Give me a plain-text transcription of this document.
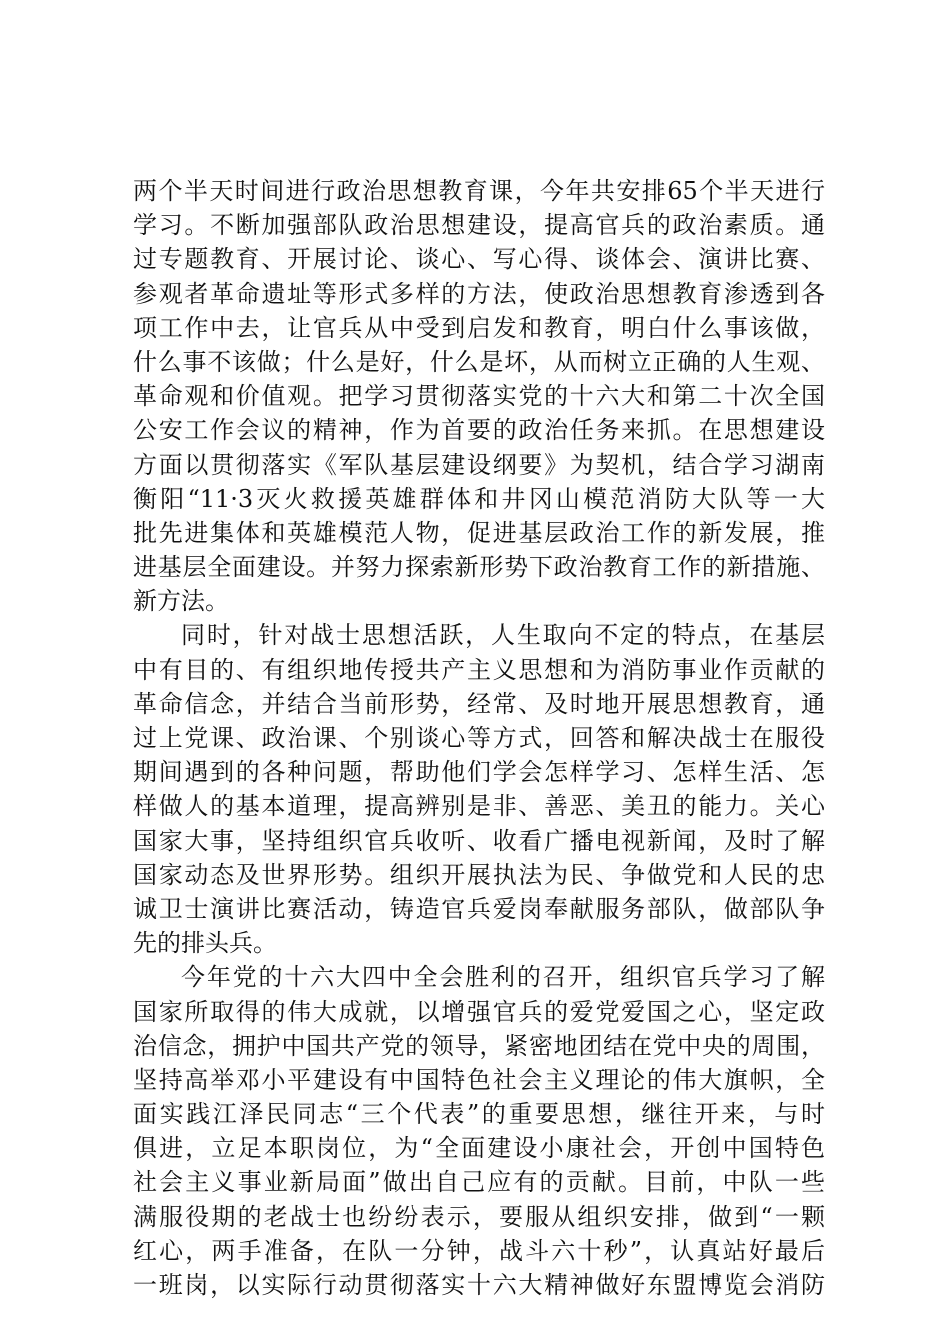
两个半天时间进行政治思想教育课，今年共安排65个半天进行
学习。不断加强部队政治思想建设，提高官兵的政治素质。通
过专题教育、开展讨论、谈心、写心得、谈体会、演讲比赛、
参观者革命遗址等形式多样的方法，使政治思想教育渗透到各
项工作中去，让官兵从中受到启发和教育，明白什么事该做，
什么事不该做；什么是好，什么是坏，从而树立正确的人生观、
革命观和价值观。把学习贯彻落实党的十六大和第二十次全国
公安工作会议的精神，作为首要的政治任务来抓。在思想建设
方面以贯彻落实《军队基层建设纲要》为契机，结合学习湖南
衡阳“11·3灭火救援英雄群体和井冈山模范消防大队等一大
批先进集体和英雄模范人物，促进基层政治工作的新发展，推
进基层全面建设。并努力探索新形势下政治教育工作的新措施、
新方法。
同时，针对战士思想活跃，人生取向不定的特点，在基层
中有目的、有组织地传授共产主义思想和为消防事业作贡献的
革命信念，并结合当前形势，经常、及时地开展思想教育，通
过上党课、政治课、个别谈心等方式，回答和解决战士在服役
期间遇到的各种问题，帮助他们学会怎样学习、怎样生活、怎
样做人的基本道理，提高辨别是非、善恶、美丑的能力。关心
国家大事，坚持组织官兵收听、收看广播电视新闻，及时了解
国家动态及世界形势。组织开展执法为民、争做党和人民的忠
诚卫士演讲比赛活动，铸造官兵爱岗奉献服务部队，做部队争
先的排头兵。
今年党的十六大四中全会胜利的召开，组织官兵学习了解
国家所取得的伟大成就，以增强官兵的爱党爱国之心，坚定政
治信念，拥护中国共产党的领导，紧密地团结在党中央的周围，
坚持高举邓小平建设有中国特色社会主义理论的伟大旗帜，全
面实践江泽民同志“三个代表”的重要思想，继往开来，与时
俱进，立足本职岗位，为“全面建设小康社会，开创中国特色
社会主义事业新局面”做出自己应有的贡献。目前，中队一些
满服役期的老战士也纷纷表示，要服从组织安排，做到“一颗
红心，两手准备，在队一分钟，战斗六十秒”，认真站好最后
一班岗，以实际行动贯彻落实十六大精神做好东盟博览会消防
